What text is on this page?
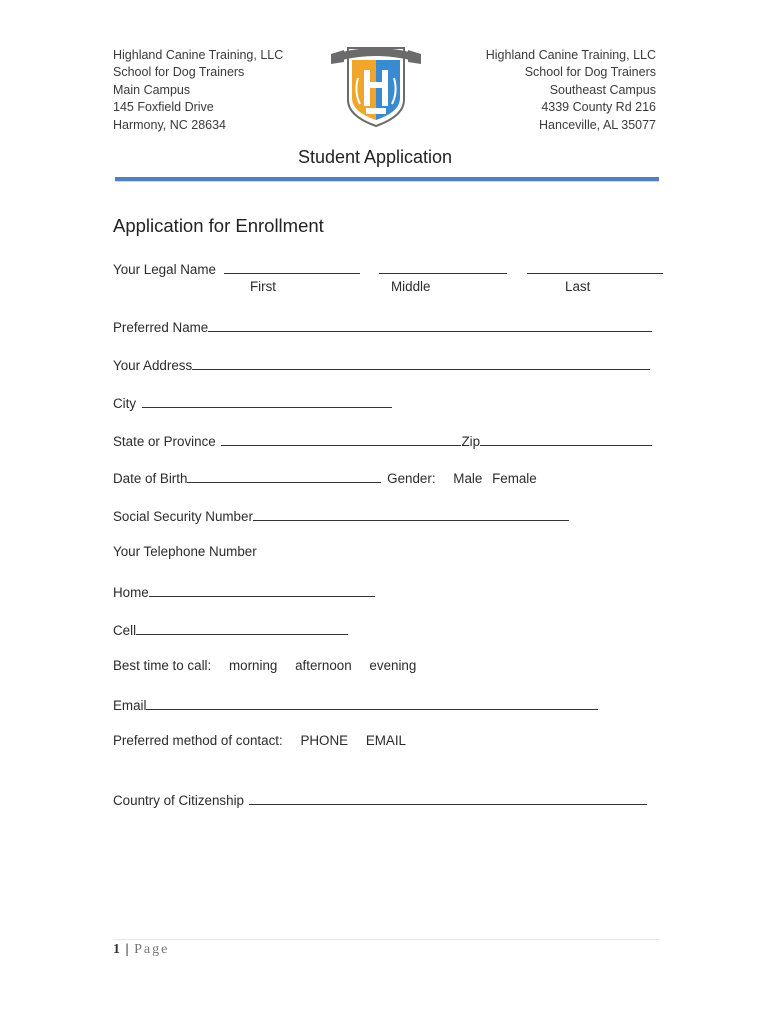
Highland Canine Training, LLC
School for Dog Trainers
Main Campus
145 Foxfield Drive
Harmony, NC 28634
Highland Canine Training, LLC
School for Dog Trainers
Southeast Campus
4339 County Rd 216
Hanceville, AL 35077
Student Application
Application for Enrollment
Your Legal Name
First	Middle	Last
Preferred Name
Your Address
City
State or Province	Zip
Date of Birth	Gender: Male Female
Social Security Number
Your Telephone Number
Home
Cell
Best time to call: morning afternoon evening
Email
Preferred method of contact: PHONE EMAIL
Country of Citizenship
1 | Page
